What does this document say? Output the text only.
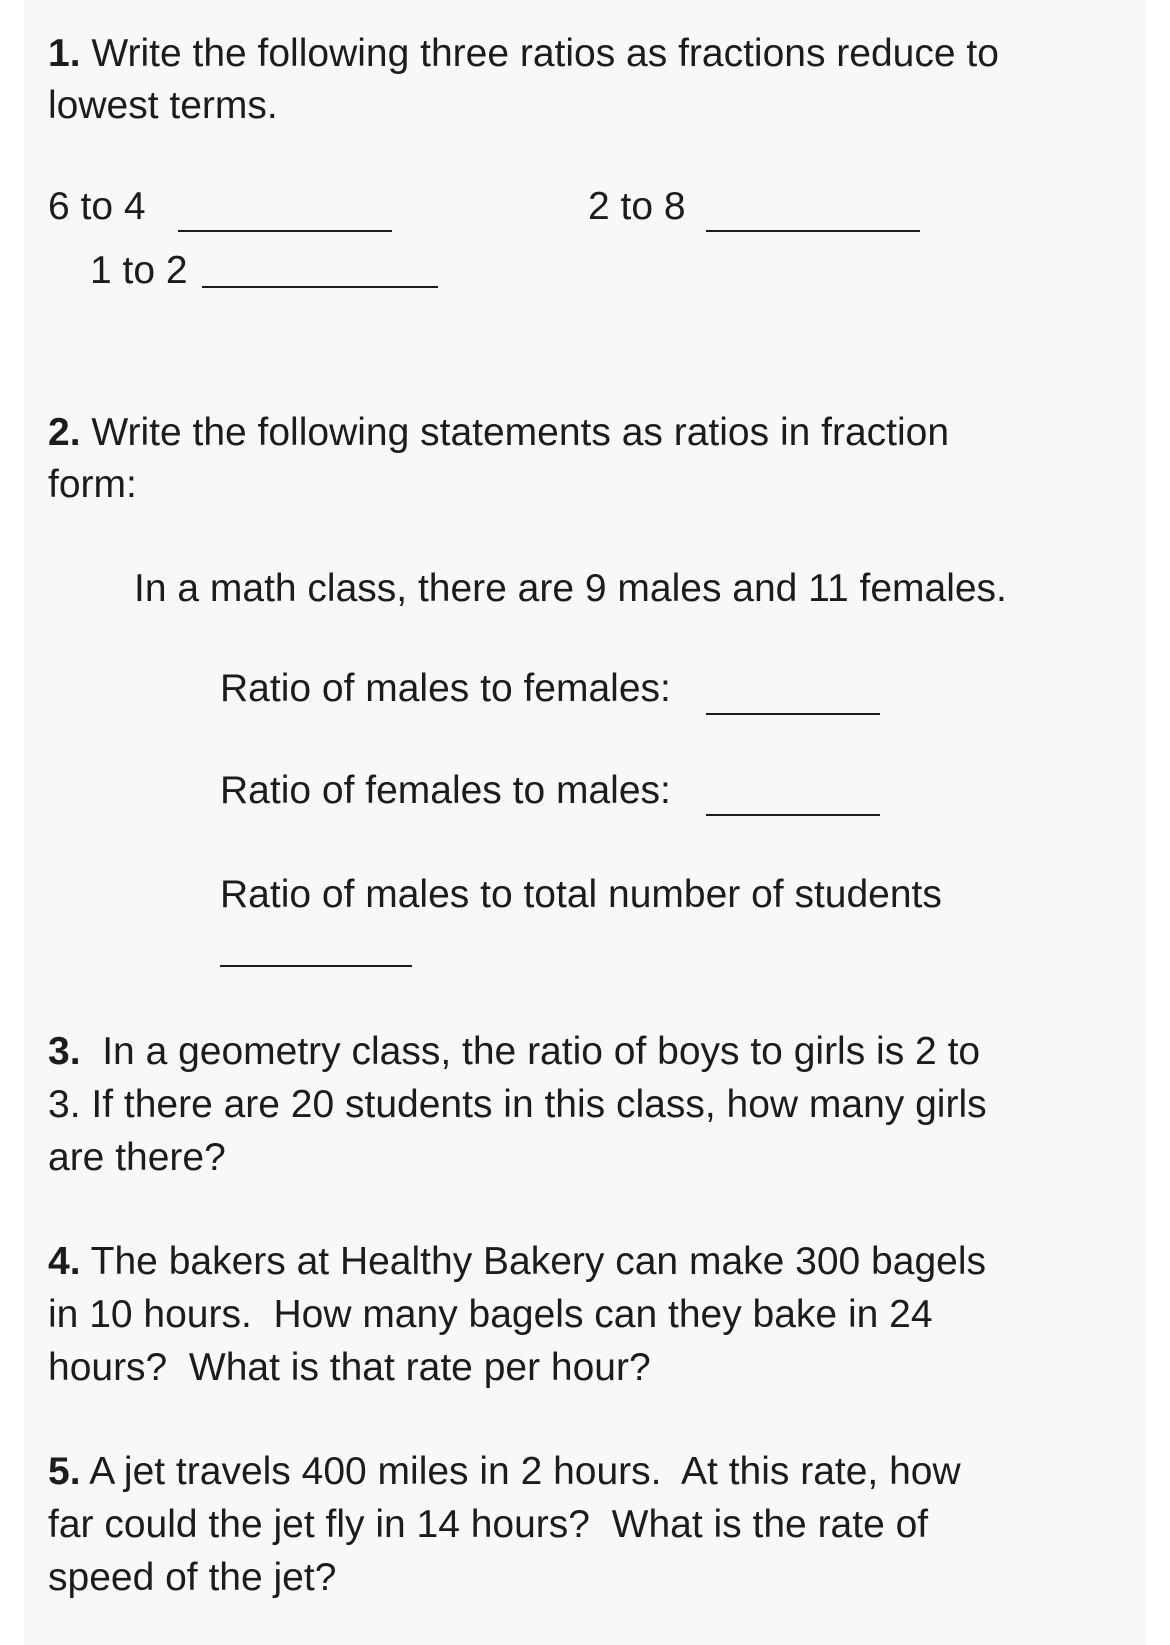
1. Write the following three ratios as fractions reduce to

lowest terms.

6 to 4	2 to 8
1 to 2

2. Write the following statements as ratios in fraction

form:

In a math class, there are 9 males and 11 females.

Ratio of males to females:
Ratio of females to males:
Ratio of males to total number of students

3.  In a geometry class, the ratio of boys to girls is 2 to

3. If there are 20 students in this class, how many girls

are there?

4. The bakers at Healthy Bakery can make 300 bagels

in 10 hours.  How many bagels can they bake in 24

hours?  What is that rate per hour?

5. A jet travels 400 miles in 2 hours.  At this rate, how

far could the jet fly in 14 hours?  What is the rate of

speed of the jet?
